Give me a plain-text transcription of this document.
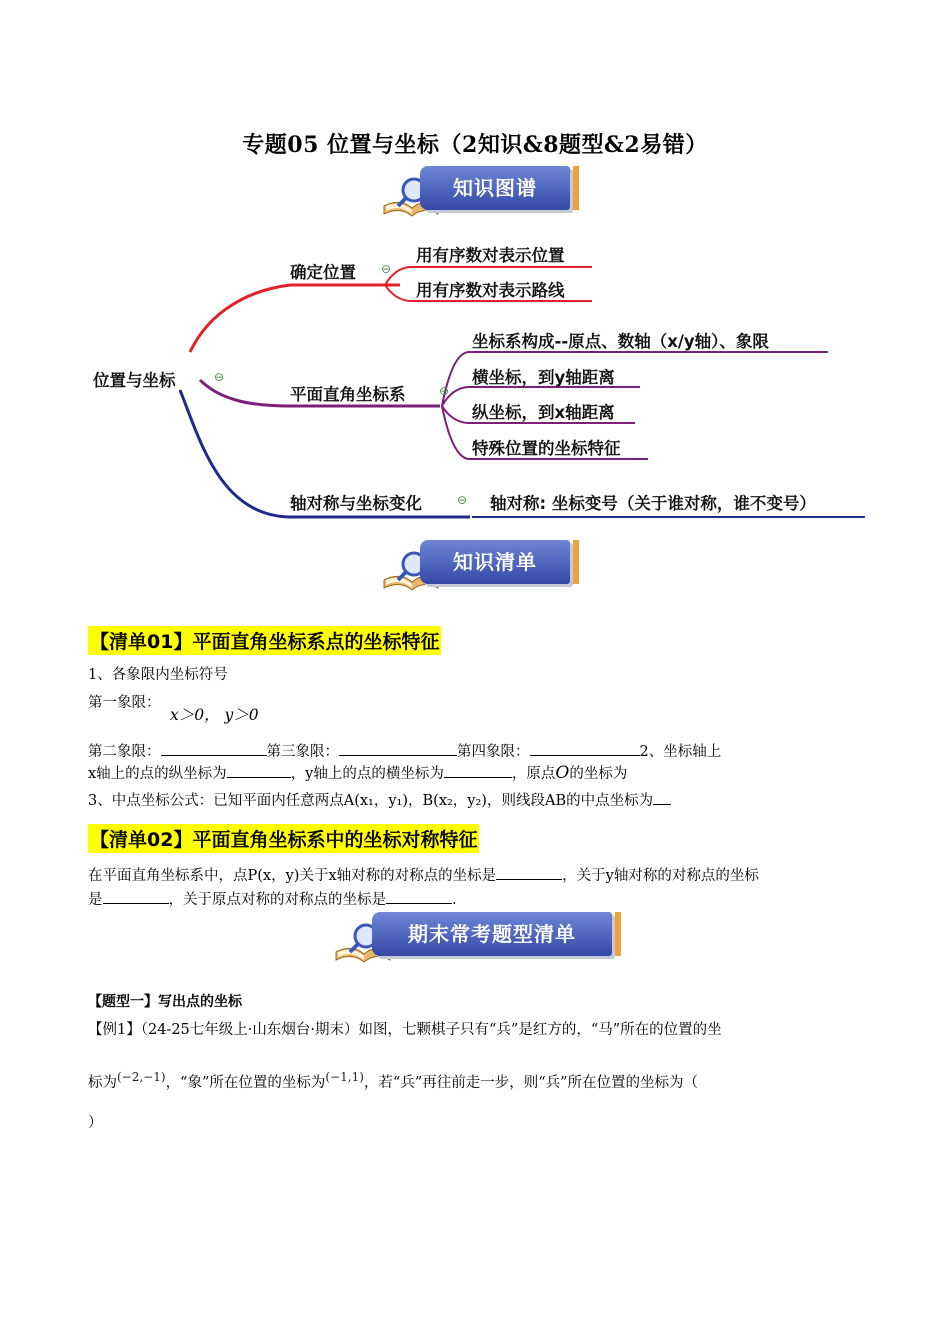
专题05 位置与坐标（2知识&8题型&2易错）
知识图谱
位置与坐标	⊖
确定位置 ⊖
用有序数对表示位置
用有序数对表示路线
平面直角坐标系	⊖
坐标系构成--原点、数轴（x/y轴）、象限
横坐标，到y轴距离
纵坐标，到x轴距离
特殊位置的坐标特征
轴对称与坐标变化	⊖ 轴对称: 坐标变号（关于谁对称，谁不变号）
知识清单
【清单01】平面直角坐标系点的坐标特征
1、各象限内坐标符号
第一象限：
x＞0， y＞0
第二象限：	第三象限：	第四象限：	2、坐标轴上
x轴上的点的纵坐标为	，y轴上的点的横坐标为	，原点O的坐标为
3、中点坐标公式：已知平面内任意两点A(x₁，y₁)，B(x₂，y₂)，则线段AB的中点坐标为
【清单02】平面直角坐标系中的坐标对称特征
在平面直角坐标系中，点P(x，y)关于x轴对称的对称点的坐标是	，关于y轴对称的对称点的坐标
是	，关于原点对称的对称点的坐标是	.
期末常考题型清单
【题型一】写出点的坐标
【例1】（24-25七年级上·山东烟台·期末）如图，七颗棋子只有“兵”是红方的，“马”所在的位置的坐
标为$^{(-2,-1)}$，“象”所在位置的坐标为$^{(-1,1)}$，若“兵”再往前走一步，则“兵”所在位置的坐标为（
）
